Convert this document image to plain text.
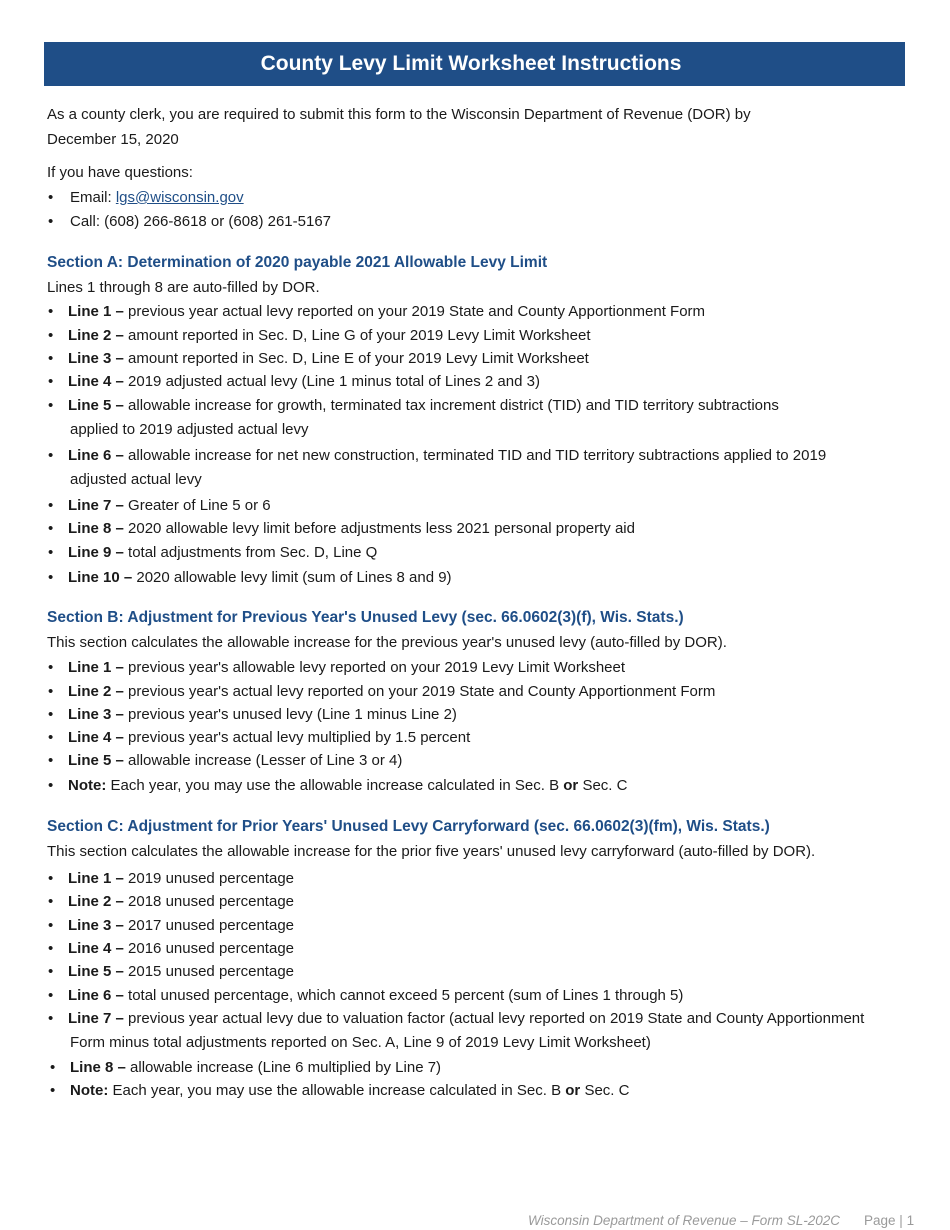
County Levy Limit Worksheet Instructions
As a county clerk, you are required to submit this form to the Wisconsin Department of Revenue (DOR) by
December 15, 2020
If you have questions:
•
Email: lgs@wisconsin.gov
•
Call: (608) 266-8618 or (608) 261-5167
Section A: Determination of 2020 payable 2021 Allowable Levy Limit
Lines 1 through 8 are auto-filled by DOR.
•
Line 1 – previous year actual levy reported on your 2019 State and County Apportionment Form
•
Line 2 – amount reported in Sec. D, Line G of your 2019 Levy Limit Worksheet
•
Line 3 – amount reported in Sec. D, Line E of your 2019 Levy Limit Worksheet
•
Line 4 – 2019 adjusted actual levy (Line 1 minus total of Lines 2 and 3)
•
Line 5 – allowable increase for growth, terminated tax increment district (TID) and TID territory subtractions
applied to 2019 adjusted actual levy
•
Line 6 – allowable increase for net new construction, terminated TID and TID territory subtractions applied to 2019
adjusted actual levy
•
Line 7 – Greater of Line 5 or 6
•
Line 8 – 2020 allowable levy limit before adjustments less 2021 personal property aid
•
Line 9 – total adjustments from Sec. D, Line Q
•
Line 10 – 2020 allowable levy limit (sum of Lines 8 and 9)
Section B: Adjustment for Previous Year's Unused Levy (sec. 66.0602(3)(f), Wis. Stats.)
This section calculates the allowable increase for the previous year's unused levy (auto-filled by DOR).
•
Line 1 – previous year's allowable levy reported on your 2019 Levy Limit Worksheet
•
Line 2 – previous year's actual levy reported on your 2019 State and County Apportionment Form
•
Line 3 – previous year's unused levy (Line 1 minus Line 2)
•
Line 4 – previous year's actual levy multiplied by 1.5 percent
•
Line 5 – allowable increase (Lesser of Line 3 or 4)
•
Note: Each year, you may use the allowable increase calculated in Sec. B or Sec. C
Section C: Adjustment for Prior Years' Unused Levy Carryforward (sec. 66.0602(3)(fm), Wis. Stats.)
This section calculates the allowable increase for the prior five years' unused levy carryforward (auto-filled by DOR).
•
Line 1 – 2019 unused percentage
•
Line 2 – 2018 unused percentage
•
Line 3 – 2017 unused percentage
•
Line 4 – 2016 unused percentage
•
Line 5 – 2015 unused percentage
•
Line 6 – total unused percentage, which cannot exceed 5 percent (sum of Lines 1 through 5)
•
Line 7 – previous year actual levy due to valuation factor (actual levy reported on 2019 State and County Apportionment
Form minus total adjustments reported on Sec. A, Line 9 of 2019 Levy Limit Worksheet)
•
Line 8 – allowable increase (Line 6 multiplied by Line 7)
•
Note: Each year, you may use the allowable increase calculated in Sec. B or Sec. C
Wisconsin Department of Revenue – Form SL-202C Page | 1
